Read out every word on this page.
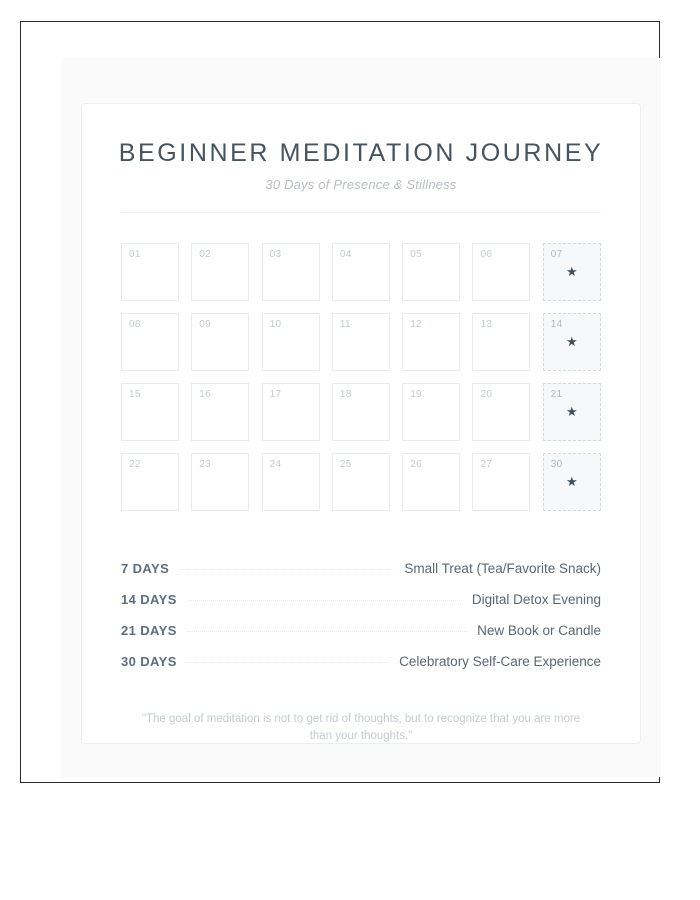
BEGINNER MEDITATION JOURNEY

30 Days of Presence & Stillness

01	02	03	04	05	06	07
★
08	09	10	11	12	13	14
★
15	16	17	18	19	20	21
★
22	23	24	25	26	27	30
★
7 DAYS	Small Treat (Tea/Favorite Snack)
14 DAYS	Digital Detox Evening
21 DAYS	New Book or Candle
30 DAYS	Celebratory Self-Care Experience
"The goal of meditation is not to get rid of thoughts, but to recognize that you are more than your thoughts."
